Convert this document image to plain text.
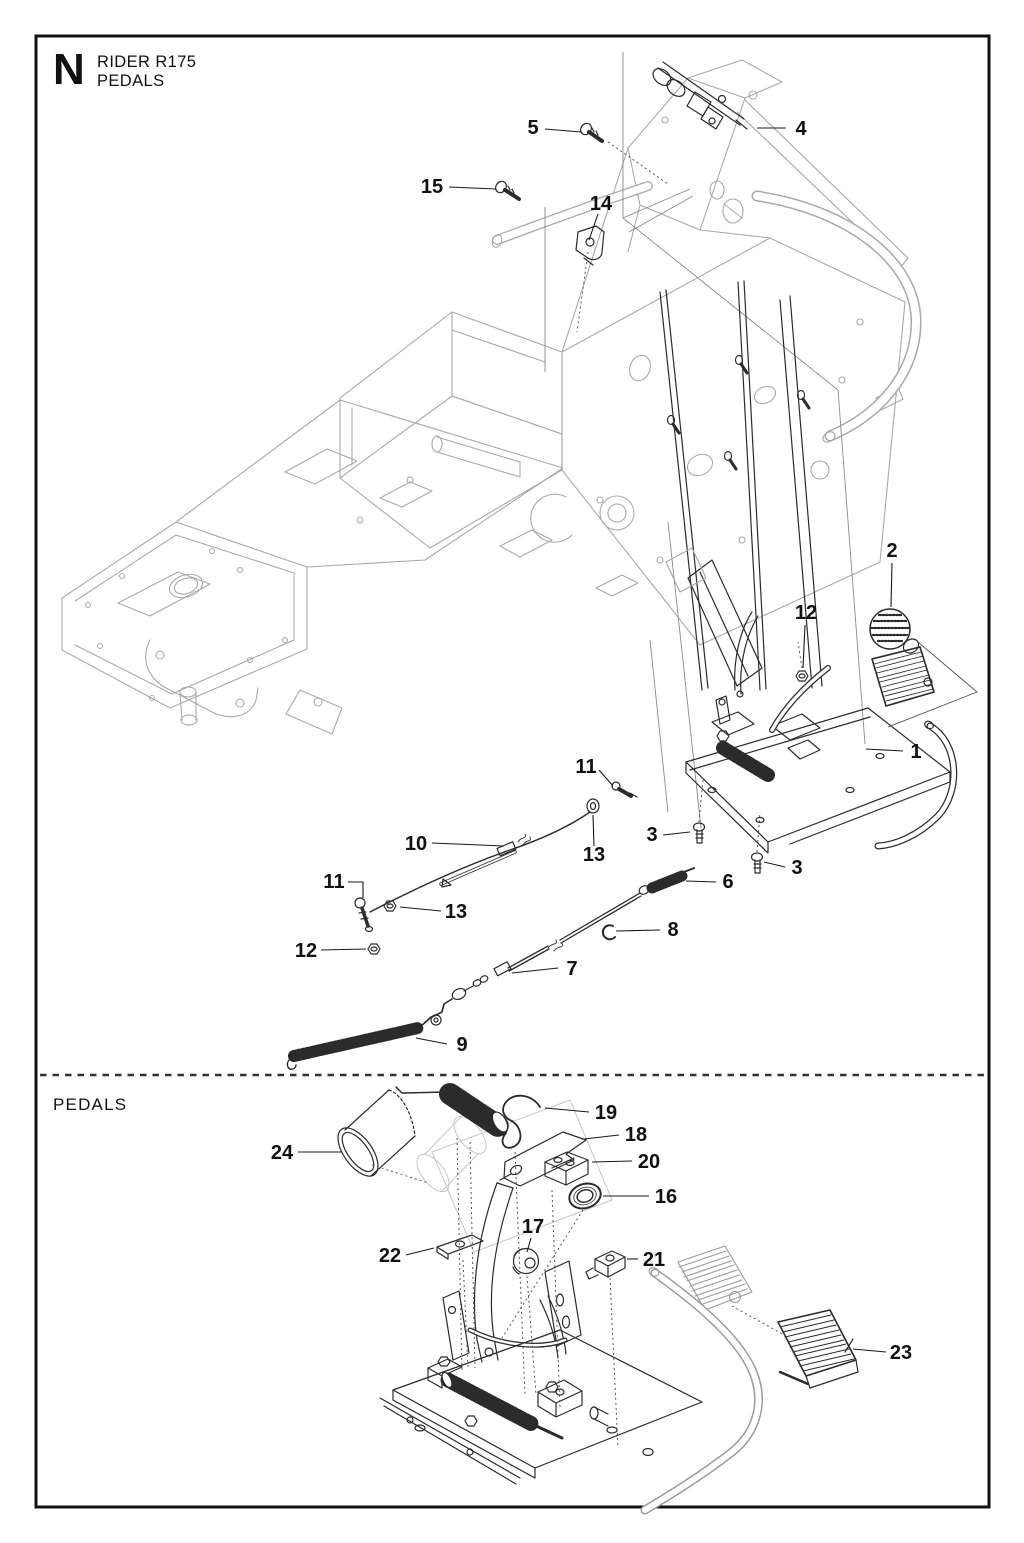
N RIDER R175
PEDALS
5	4
15
14
2
12
1
11
13
3
10
11
13
6
12
8
3
7
9
PEDALS
24
19
18
20
16
17
22	21
23
